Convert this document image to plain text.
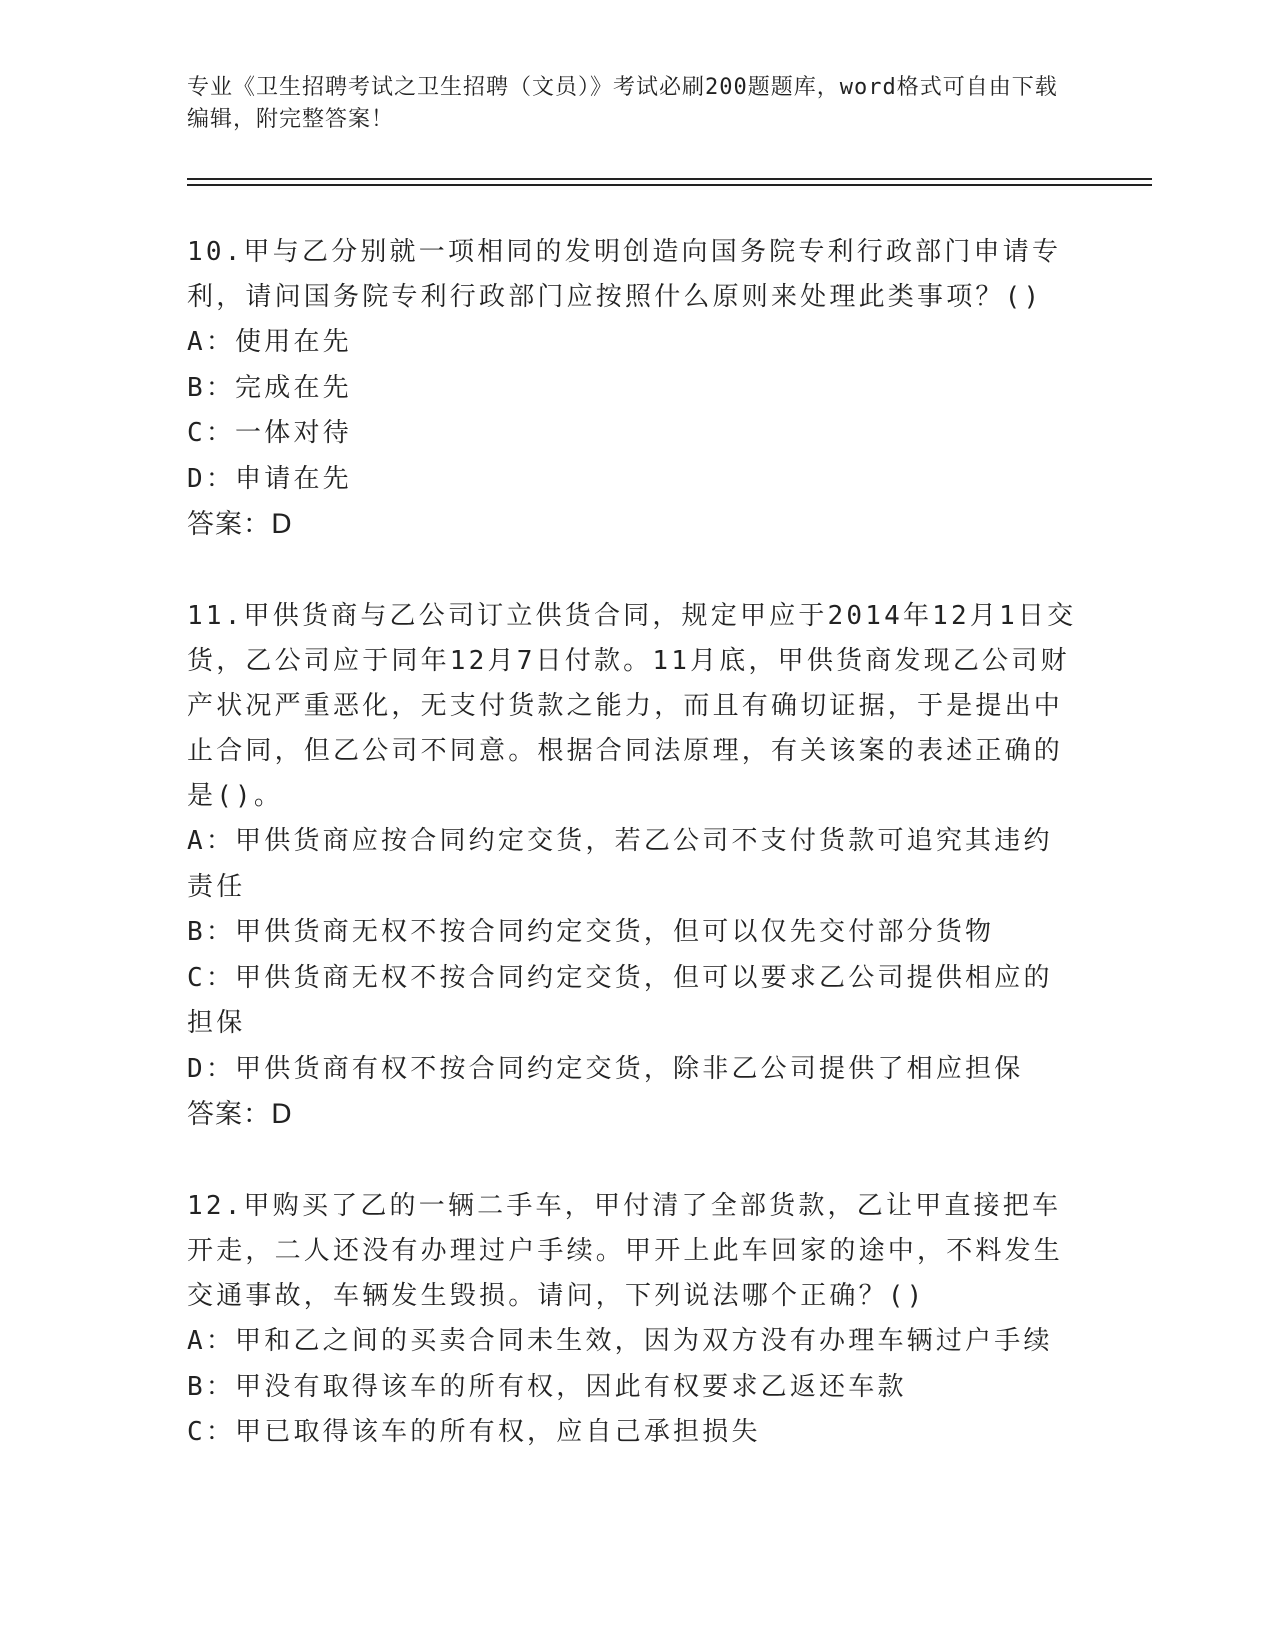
专业《卫生招聘考试之卫生招聘（文员）》考试必刷200题题库，word格式可自由下载编辑，附完整答案！
10.甲与乙分别就一项相同的发明创造向国务院专利行政部门申请专利，请问国务院专利行政部门应按照什么原则来处理此类事项？()
A：使用在先
B：完成在先
C：一体对待
D：申请在先
答案：D
11.甲供货商与乙公司订立供货合同，规定甲应于2014年12月1日交货，乙公司应于同年12月7日付款。11月底，甲供货商发现乙公司财产状况严重恶化，无支付货款之能力，而且有确切证据，于是提出中止合同，但乙公司不同意。根据合同法原理，有关该案的表述正确的是()。
A：甲供货商应按合同约定交货，若乙公司不支付货款可追究其违约责任
B：甲供货商无权不按合同约定交货，但可以仅先交付部分货物
C：甲供货商无权不按合同约定交货，但可以要求乙公司提供相应的担保
D：甲供货商有权不按合同约定交货，除非乙公司提供了相应担保
答案：D
12.甲购买了乙的一辆二手车，甲付清了全部货款，乙让甲直接把车开走，二人还没有办理过户手续。甲开上此车回家的途中，不料发生交通事故，车辆发生毁损。请问，下列说法哪个正确？()
A：甲和乙之间的买卖合同未生效，因为双方没有办理车辆过户手续
B：甲没有取得该车的所有权，因此有权要求乙返还车款
C：甲已取得该车的所有权，应自己承担损失
